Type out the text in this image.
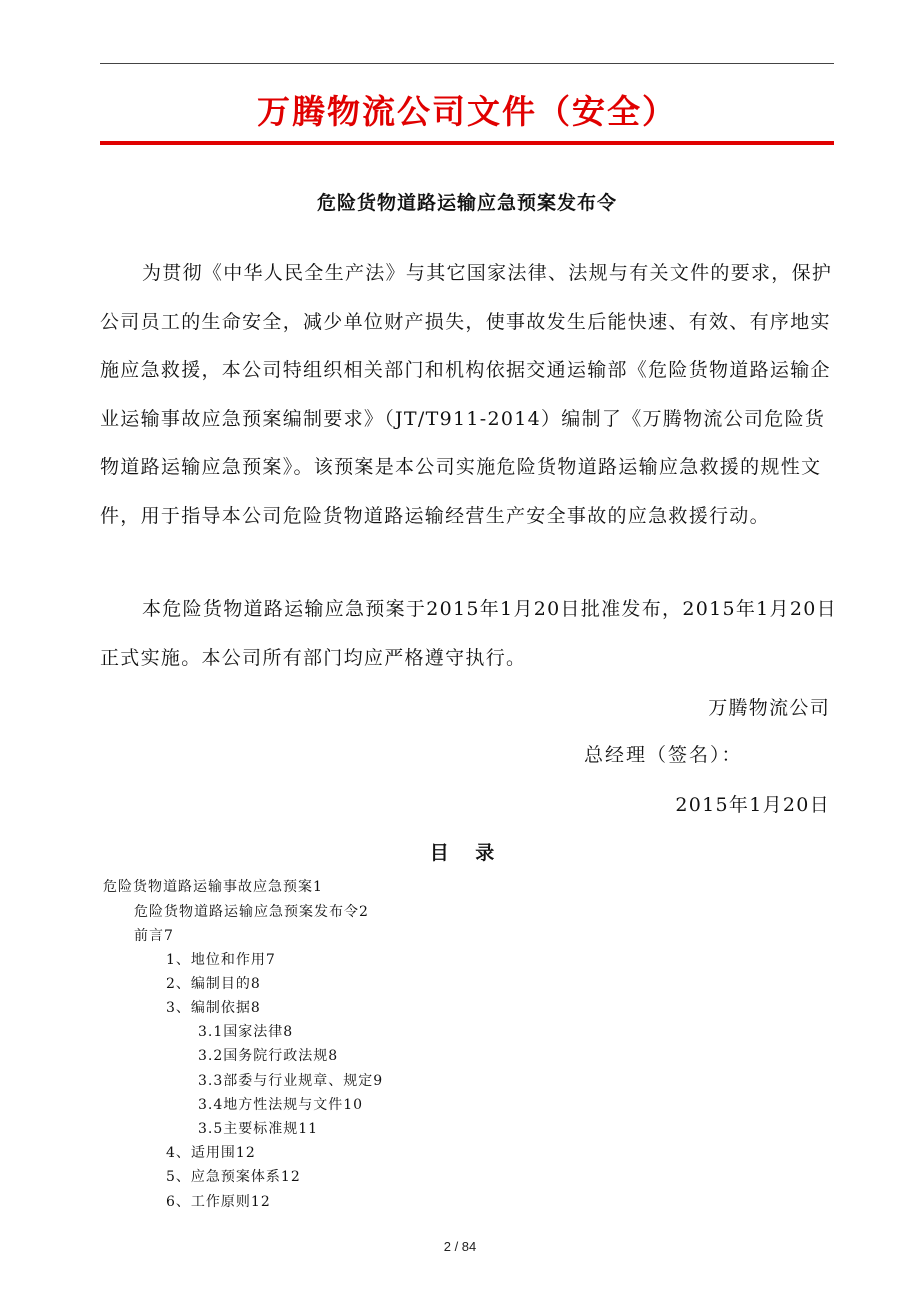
万腾物流公司文件（安全）
危险货物道路运输应急预案发布令

为贯彻《中华人民全生产法》与其它国家法律、法规与有关文件的要求，保护公司员工的生命安全，减少单位财产损失，使事故发生后能快速、有效、有序地实施应急救援，本公司特组织相关部门和机构依据交通运输部《危险货物道路运输企业运输事故应急预案编制要求》（JT/T911-2014）编制了《万腾物流公司危险货物道路运输应急预案》。该预案是本公司实施危险货物道路运输应急救援的规性文件，用于指导本公司危险货物道路运输经营生产安全事故的应急救援行动。

本危险货物道路运输应急预案于2015年1月20日批准发布，2015年1月20日正式实施。本公司所有部门均应严格遵守执行。

万腾物流公司

总经理（签名）：

2015年1月20日

目 录
危险货物道路运输事故应急预案1
危险货物道路运输应急预案发布令2
前言7
1、地位和作用7
2、编制目的8
3、编制依据8
3.1国家法律8
3.2国务院行政法规8
3.3部委与行业规章、规定9
3.4地方性法规与文件10
3.5主要标准规11
4、适用围12
5、应急预案体系12
6、工作原则12
2 / 84
